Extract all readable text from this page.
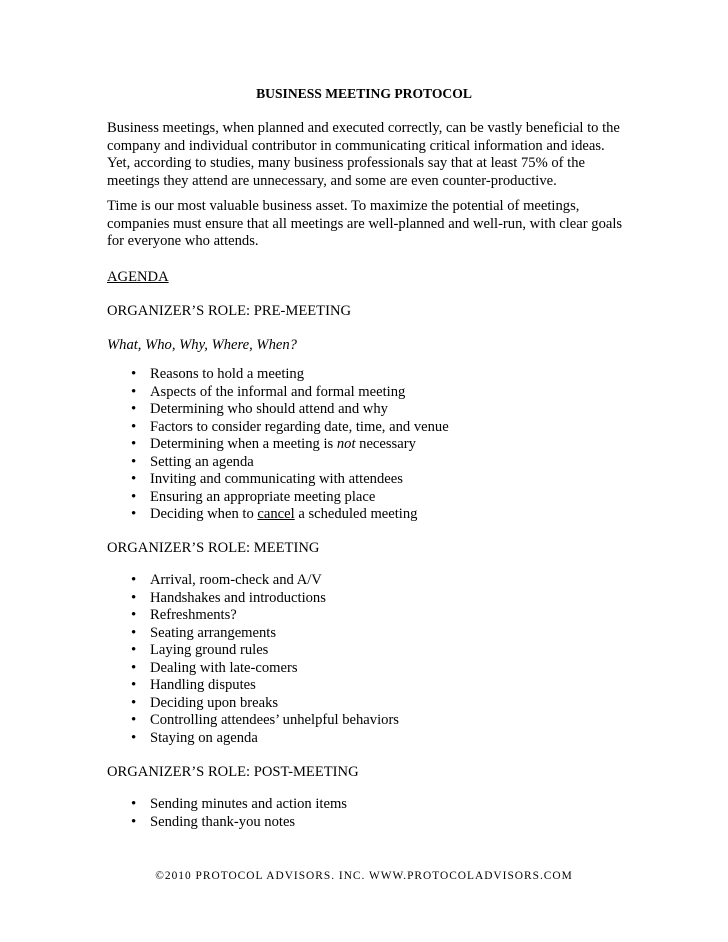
BUSINESS MEETING PROTOCOL

Business meetings, when planned and executed correctly, can be vastly beneficial to the company and individual contributor in communicating critical information and ideas. Yet, according to studies, many business professionals say that at least 75% of the meetings they attend are unnecessary, and some are even counter-productive.

Time is our most valuable business asset. To maximize the potential of meetings, companies must ensure that all meetings are well-planned and well-run, with clear goals for everyone who attends.

AGENDA

ORGANIZER’S ROLE: PRE-MEETING

What, Who, Why, Where, When?

• Reasons to hold a meeting
• Aspects of the informal and formal meeting
• Determining who should attend and why
• Factors to consider regarding date, time, and venue
• Determining when a meeting is not necessary
• Setting an agenda
• Inviting and communicating with attendees
• Ensuring an appropriate meeting place
• Deciding when to cancel a scheduled meeting

ORGANIZER’S ROLE: MEETING

• Arrival, room-check and A/V
• Handshakes and introductions
• Refreshments?
• Seating arrangements
• Laying ground rules
• Dealing with late-comers
• Handling disputes
• Deciding upon breaks
• Controlling attendees’ unhelpful behaviors
• Staying on agenda

ORGANIZER’S ROLE: POST-MEETING

• Sending minutes and action items
• Sending thank-you notes
©2010 PROTOCOL ADVISORS. INC. WWW.PROTOCOLADVISORS.COM
